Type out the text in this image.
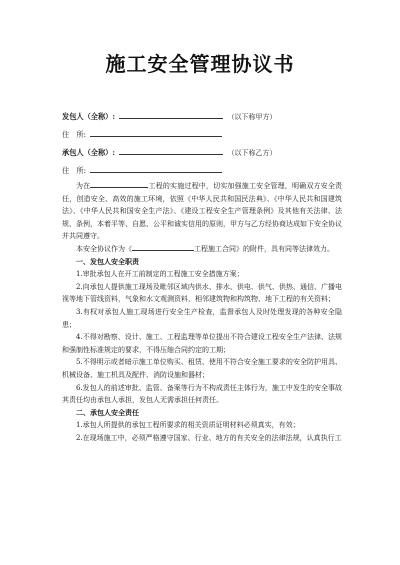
施工安全管理协议书
发包人（全称）:	（以下称甲方）
住　所:
承包人（全称）:	（以下称乙方）
住　所:

为在	工程的实施过程中，切实加强施工安全管理，明确双方安全责任，创造安全、高效的施工环境，依照《中华人民共和国民法典》、《中华人民共和国建筑法》、《中华人民共和国安全生产法》、《建设工程安全生产管理条例》及其他有关法律、法规、条例，本着平等、自愿、公平和诚实信用的原则，甲方与乙方经协商达成如下安全协议并共同遵守。

本安全协议作为《	工程施工合同》的附件，具有同等法律效力。

一、发包人安全职责

1.审批承包人在开工前制定的工程施工安全措施方案；

2.向承包人提供施工现场及毗邻区域内供水、排水、供电、供气、供热、通信、广播电视等地下管线资料，气象和水文观测资料，相邻建筑物和构筑物、地下工程的有关资料；

3.有权对承包人施工现场进行安全生产检查，监督承包人及时处理发现的各种安全隐患；

4.不得对勘察、设计、施工、工程监理等单位提出不符合建设工程安全生产法律、法规和强制性标准规定的要求，不得压缩合同约定的工期；

5.不得明示或者暗示施工单位购买、租赁、使用不符合安全施工要求的安全防护用具、机械设备、施工机具及配件、消防设施和器材；

6.发包人的前述审批、监管、备案等行为不构成责任主体行为，施工中发生的安全事故其责任均由承包人承担，发包人无需承担任何责任。

二、承包人安全责任

1.承包人所提供的承包工程所要求的相关资质证明材料必须真实，有效；

2.在现场施工中，必须严格遵守国家、行业、地方的有关安全的法律法规，认真执行工
